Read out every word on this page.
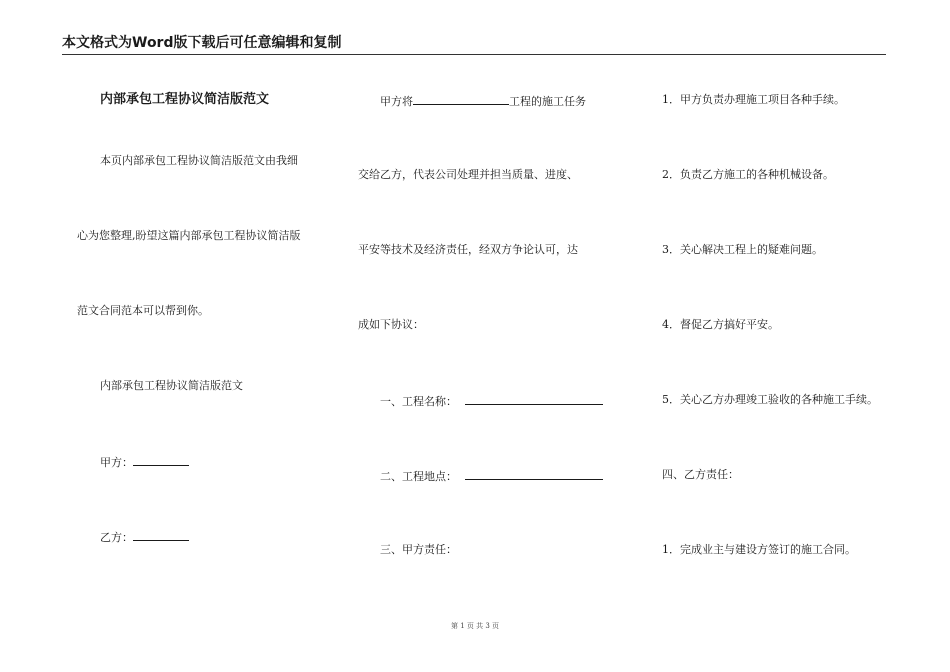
本文格式为Word版下载后可任意编辑和复制
内部承包工程协议简洁版范文
本页内部承包工程协议简洁版范文由我细
心为您整理,盼望这篇内部承包工程协议简洁版
范文合同范本可以帮到你。
内部承包工程协议简洁版范文
甲方：
乙方：
甲方将	工程的施工任务
交给乙方，代表公司处理并担当质量、进度、
平安等技术及经济责任，经双方争论认可，达
成如下协议：
一、工程名称：
二、工程地点：
三、甲方责任：
1．甲方负责办理施工项目各种手续。
2．负责乙方施工的各种机械设备。
3．关心解决工程上的疑难问题。
4．督促乙方搞好平安。
5．关心乙方办理竣工验收的各种施工手续。
四、乙方责任：
1．完成业主与建设方签订的施工合同。
第 1 页 共 3 页
